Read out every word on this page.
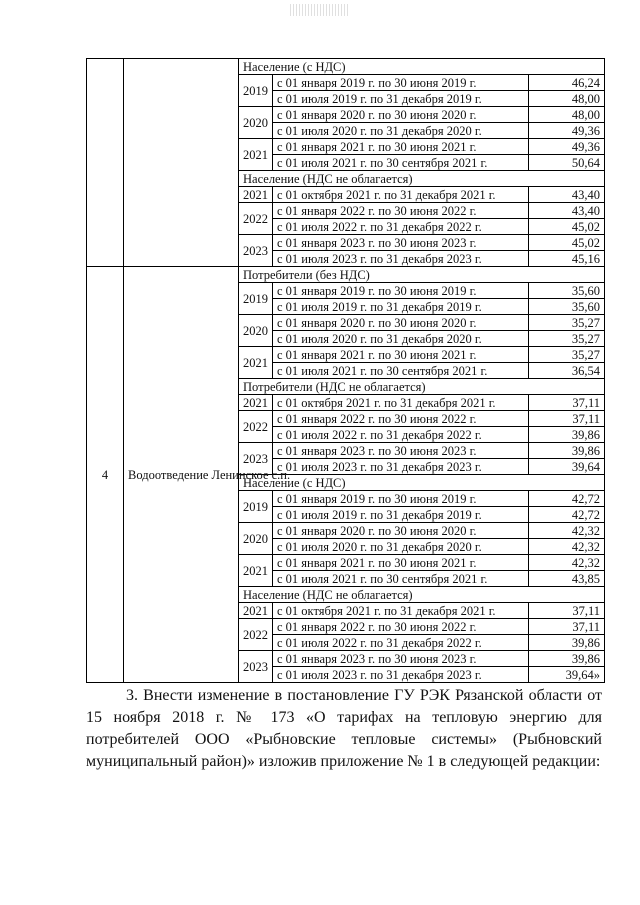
		Население (с НДС)		
		2019	с 01 января 2019 г. по 30 июня 2019 г.	46,24
			с 01 июля 2019 г. по 31 декабря 2019 г.	48,00
		2020	с 01 января 2020 г. по 30 июня 2020 г.	48,00
			с 01 июля 2020 г. по 31 декабря 2020 г.	49,36
		2021	с 01 января 2021 г. по 30 июня 2021 г.	49,36
			с 01 июля 2021 г. по 30 сентября 2021 г.	50,64
		Население (НДС не облагается)		
		2021	с 01 октября 2021 г. по 31 декабря 2021 г.	43,40
		2022	с 01 января 2022 г. по 30 июня 2022 г.	43,40
			с 01 июля 2022 г. по 31 декабря 2022 г.	45,02
		2023	с 01 января 2023 г. по 30 июня 2023 г.	45,02
			с 01 июля 2023 г. по 31 декабря 2023 г.	45,16
4	Водоотведение Ленинское с.п.	Потребители (без НДС)		
		2019	с 01 января 2019 г. по 30 июня 2019 г.	35,60
			с 01 июля 2019 г. по 31 декабря 2019 г.	35,60
		2020	с 01 января 2020 г. по 30 июня 2020 г.	35,27
			с 01 июля 2020 г. по 31 декабря 2020 г.	35,27
		2021	с 01 января 2021 г. по 30 июня 2021 г.	35,27
			с 01 июля 2021 г. по 30 сентября 2021 г.	36,54
		Потребители (НДС не облагается)		
		2021	с 01 октября 2021 г. по 31 декабря 2021 г.	37,11
		2022	с 01 января 2022 г. по 30 июня 2022 г.	37,11
			с 01 июля 2022 г. по 31 декабря 2022 г.	39,86
		2023	с 01 января 2023 г. по 30 июня 2023 г.	39,86
			с 01 июля 2023 г. по 31 декабря 2023 г.	39,64
		Население (с НДС)		
		2019	с 01 января 2019 г. по 30 июня 2019 г.	42,72
			с 01 июля 2019 г. по 31 декабря 2019 г.	42,72
		2020	с 01 января 2020 г. по 30 июня 2020 г.	42,32
			с 01 июля 2020 г. по 31 декабря 2020 г.	42,32
		2021	с 01 января 2021 г. по 30 июня 2021 г.	42,32
			с 01 июля 2021 г. по 30 сентября 2021 г.	43,85
		Население (НДС не облагается)		
		2021	с 01 октября 2021 г. по 31 декабря 2021 г.	37,11
		2022	с 01 января 2022 г. по 30 июня 2022 г.	37,11
			с 01 июля 2022 г. по 31 декабря 2022 г.	39,86
		2023	с 01 января 2023 г. по 30 июня 2023 г.	39,86
			с 01 июля 2023 г. по 31 декабря 2023 г.	39,64»

3. Внести изменение в постановление ГУ РЭК Рязанской области от 15 ноября 2018 г. № 173 «О тарифах на тепловую энергию для потребителей ООО «Рыбновские тепловые системы» (Рыбновский муниципальный район)» изложив приложение № 1 в следующей редакции:
